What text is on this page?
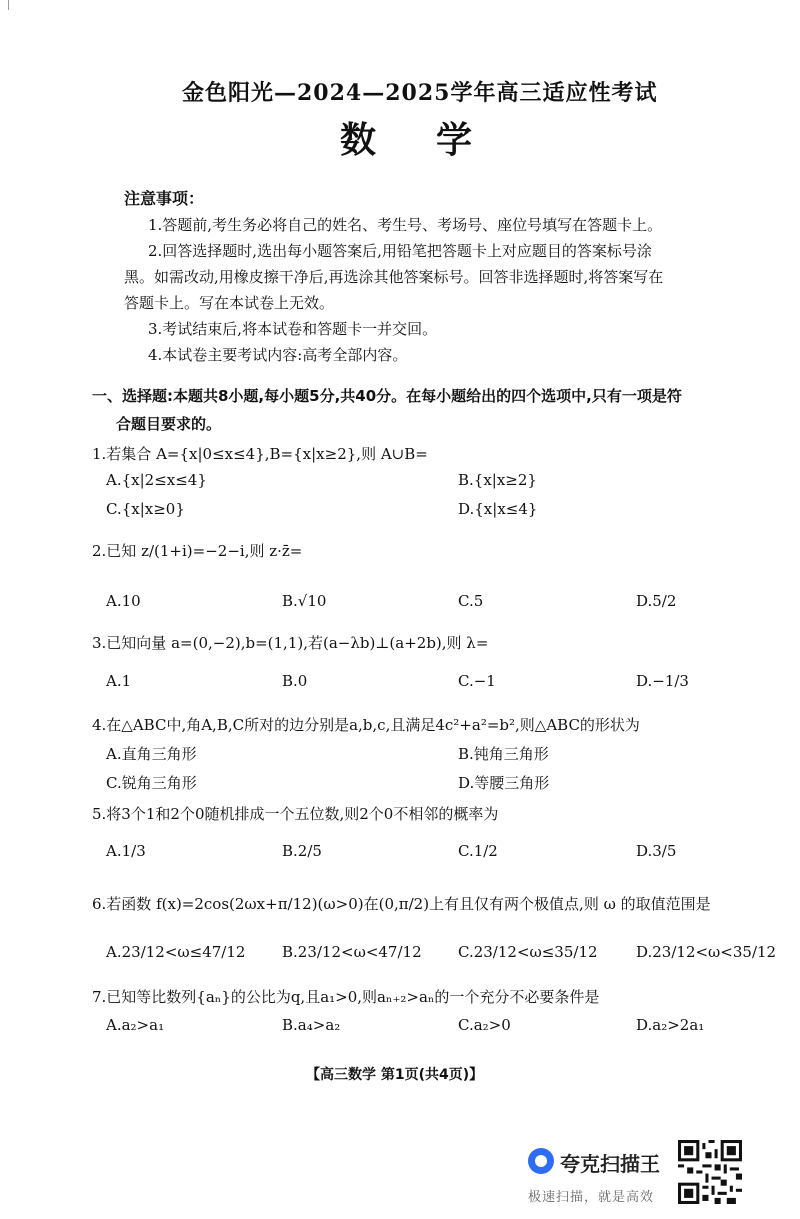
金色阳光—2024—2025学年高三适应性考试
数学
注意事项：
1.答题前,考生务必将自己的姓名、考生号、考场号、座位号填写在答题卡上。
2.回答选择题时,选出每小题答案后,用铅笔把答题卡上对应题目的答案标号涂
黑。如需改动,用橡皮擦干净后,再选涂其他答案标号。回答非选择题时,将答案写在
答题卡上。写在本试卷上无效。
3.考试结束后,将本试卷和答题卡一并交回。
4.本试卷主要考试内容:高考全部内容。
一、选择题:本题共8小题,每小题5分,共40分。在每小题给出的四个选项中,只有一项是符
合题目要求的。
1.若集合 A={x|0≤x≤4},B={x|x≥2},则 A∪B=
A.{x|2≤x≤4}	B.{x|x≥2}
C.{x|x≥0}	D.{x|x≤4}
2.已知 z/(1+i)=−2−i,则 z·z̄=
A.10	B.√10	C.5	D.5/2
3.已知向量 a=(0,−2),b=(1,1),若(a−λb)⊥(a+2b),则 λ=
A.1	B.0	C.−1	D.−1/3
4.在△ABC中,角A,B,C所对的边分别是a,b,c,且满足4c²+a²=b²,则△ABC的形状为
A.直角三角形	B.钝角三角形
C.锐角三角形	D.等腰三角形
5.将3个1和2个0随机排成一个五位数,则2个0不相邻的概率为
A.1/3	B.2/5	C.1/2	D.3/5
6.若函数 f(x)=2cos(2ωx+π/12)(ω>0)在(0,π/2)上有且仅有两个极值点,则 ω 的取值范围是
A.23/12<ω≤47/12 B.23/12<ω<47/12 C.23/12<ω≤35/12	D.23/12<ω<35/12
7.已知等比数列{aₙ}的公比为q,且a₁>0,则aₙ₊₂>aₙ的一个充分不必要条件是
A.a₂>a₁	B.a₄>a₂	C.a₂>0	D.a₂>2a₁
【高三数学 第1页(共4页)】
夸克扫描王
极速扫描，就是高效
